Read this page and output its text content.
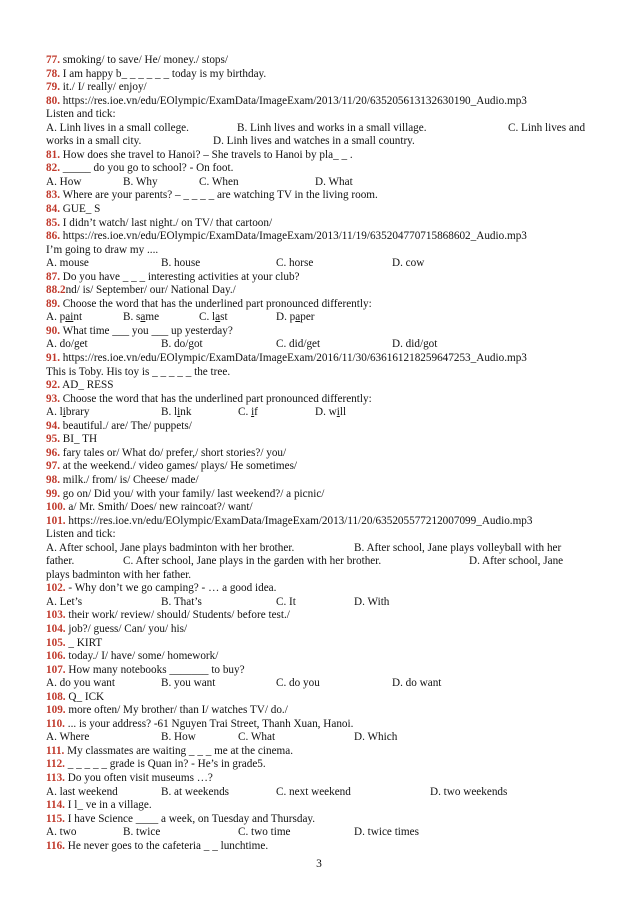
77. smoking/ to save/ He/ money./ stops/
78. I am happy b_ _ _ _ _ _ today is my birthday.
79. it./ I/ really/ enjoy/
80. https://res.ioe.vn/edu/EOlympic/ExamData/ImageExam/2013/11/20/635205613132630190_Audio.mp3
Listen and tick:
A. Linh lives in a small college.	B. Linh lives and works in a small village.	C. Linh lives and
works in a small city.	D. Linh lives and watches in a small country.
81. How does she travel to Hanoi? – She travels to Hanoi by pla_ _ .
82. _____ do you go to school? - On foot.
A. How	B. Why	C. When	D. What
83. Where are your parents? – _ _ _ _ are watching TV in the living room.
84. GUE_ S
85. I didn’t watch/ last night./ on TV/ that cartoon/
86. https://res.ioe.vn/edu/EOlympic/ExamData/ImageExam/2013/11/19/635204770715868602_Audio.mp3
I’m going to draw my ....
A. mouse	B. house	C. horse	D. cow
87. Do you have _ _ _ interesting activities at your club?
88.2nd/ is/ September/ our/ National Day./
89. Choose the word that has the underlined part pronounced differently:
A. paint	B. same	C. last	D. paper
90. What time ___ you ___ up yesterday?
A. do/get	B. do/got	C. did/get	D. did/got
91. https://res.ioe.vn/edu/EOlympic/ExamData/ImageExam/2016/11/30/636161218259647253_Audio.mp3
This is Toby. His toy is _ _ _ _ _ the tree.
92. AD_ RESS
93. Choose the word that has the underlined part pronounced differently:
A. library	B. link	C. if	D. will
94. beautiful./ are/ The/ puppets/
95. BI_ TH
96. fary tales or/ What do/ prefer,/ short stories?/ you/
97. at the weekend./ video games/ plays/ He sometimes/
98. milk./ from/ is/ Cheese/ made/
99. go on/ Did you/ with your family/ last weekend?/ a picnic/
100. a/ Mr. Smith/ Does/ new raincoat?/ want/
101. https://res.ioe.vn/edu/EOlympic/ExamData/ImageExam/2013/11/20/635205577212007099_Audio.mp3
Listen and tick:
A. After school, Jane plays badminton with her brother.	B. After school, Jane plays volleyball with her
father.	C. After school, Jane plays in the garden with her brother.	D. After school, Jane
plays badminton with her father.
102. - Why don’t we go camping? - … a good idea.
A. Let’s	B. That’s	C. It	D. With
103. their work/ review/ should/ Students/ before test./
104. job?/ guess/ Can/ you/ his/
105. _ KIRT
106. today./ I/ have/ some/ homework/
107. How many notebooks _______ to buy?
A. do you want	B. you want	C. do you	D. do want
108. Q_ ICK
109. more often/ My brother/ than I/ watches TV/ do./
110. ... is your address? -61 Nguyen Trai Street, Thanh Xuan, Hanoi.
A. Where	B. How	C. What	D. Which
111. My classmates are waiting _ _ _ me at the cinema.
112. _ _ _ _ _ grade is Quan in? - He’s in grade5.
113. Do you often visit museums …?
A. last weekend	B. at weekends	C. next weekend	D. two weekends
114. I l_ ve in a village.
115. I have Science ____ a week, on Tuesday and Thursday.
A. two	B. twice	C. two time	D. twice times
116. He never goes to the cafeteria _ _ lunchtime.
3
